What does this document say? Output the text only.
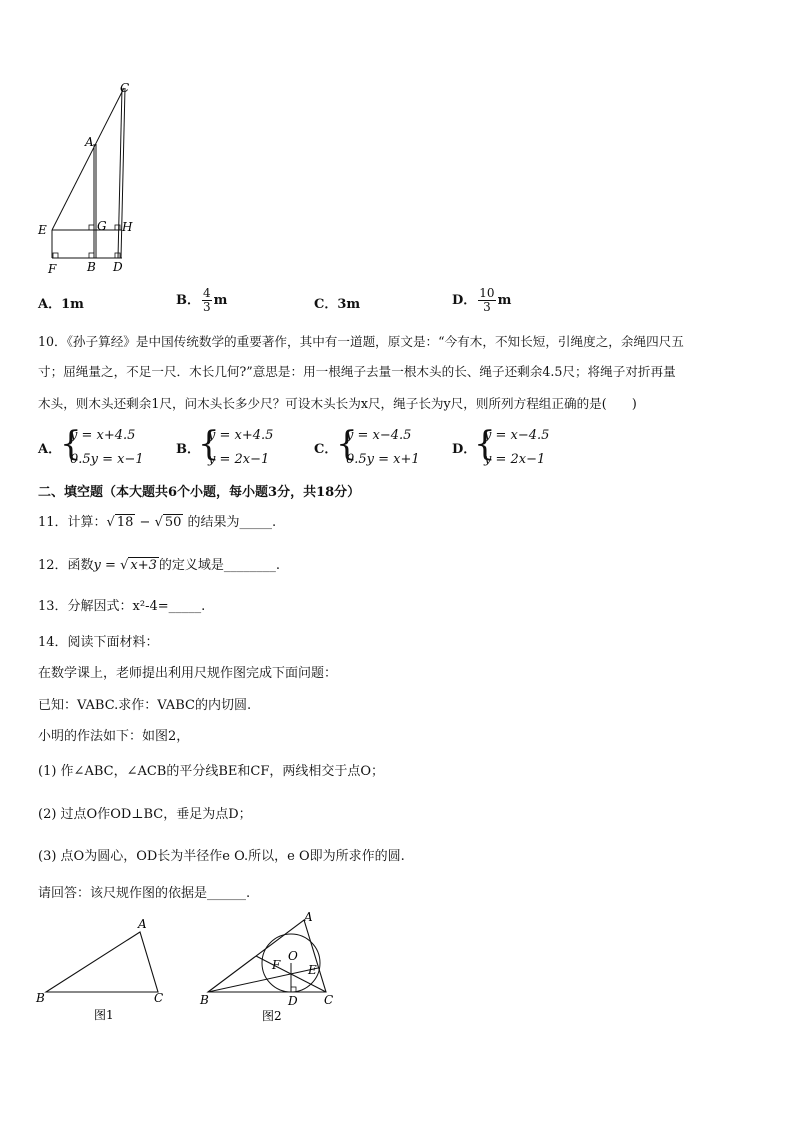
C
A
E	G H
F	B D
A．1m	B． $\frac{4}{3}$ m	C．3m	D． $\frac{10}{3}$ m
10．《孙子算经》是中国传统数学的重要著作，其中有一道题，原文是：“今有木，不知长短，引绳度之，余绳四尺五
寸；屈绳量之，不足一尺．木长几何?”意思是：用一根绳子去量一根木头的长、绳子还剩余4.5尺；将绳子对折再量
木头，则木头还剩余1尺，问木头长多少尺？可设木头长为x尺，绳子长为y尺，则所列方程组正确的是(　　)
A．
{
y = x+4.5
0.5y = x−1
B．
{
y = x+4.5
y = 2x−1
C．
{
y = x−4.5
0.5y = x+1
D．
{
y = x−4.5
y = 2x−1
二、填空题（本大题共6个小题，每小题3分，共18分）
11．计算：√ 18 − √ 50 的结果为_____.
12．函数y = √ x+3 的定义域是________.
13．分解因式：x²-4=_____.
14．阅读下面材料：
在数学课上，老师提出利用尺规作图完成下面问题：
已知：VABC.求作：VABC的内切圆.
小明的作法如下：如图2，
(1) 作∠ABC，∠ACB的平分线BE和CF，两线相交于点O；
(2) 过点O作OD⊥BC，垂足为点D；
(3) 点O为圆心，OD长为半径作e O.所以，e O即为所求作的圆.
请回答：该尺规作图的依据是______.
A
B	C
图1
A
B	C
D
E
F
O
图2
